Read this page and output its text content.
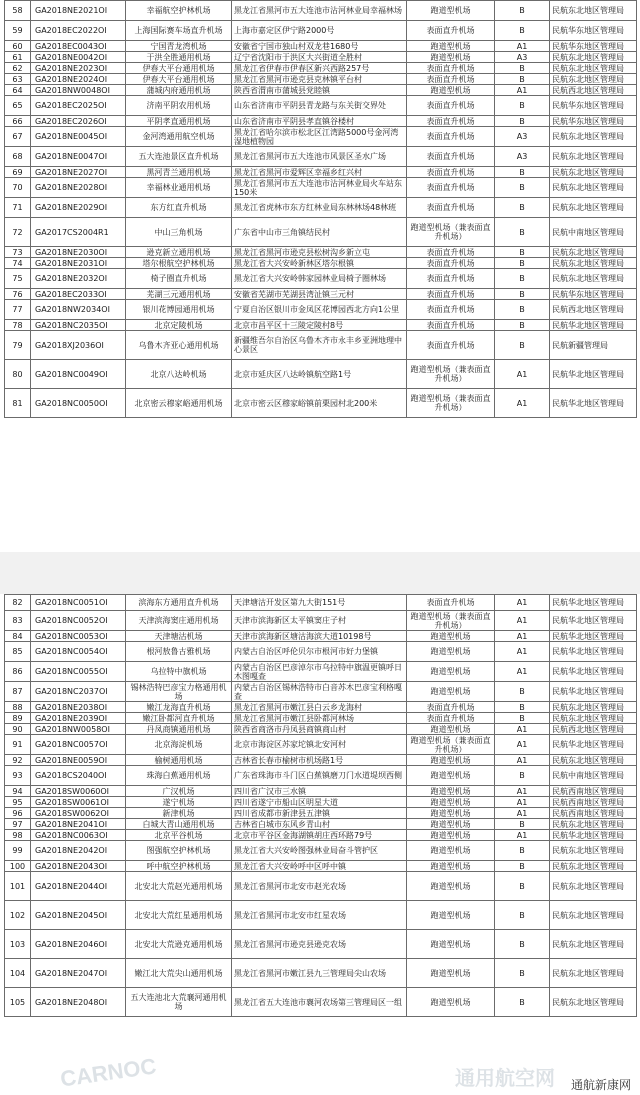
58	GA2018NE2021OI	幸福航空护林机场	黑龙江省黑河市五大连池市沾河林业局幸福林场	跑道型机场	B	民航东北地区管理局
59	GA2018EC2022OI	上海国际赛车场直升机场	上海市嘉定区伊宁路2000号	表面直升机场	B	民航华东地区管理局
60	GA2018EC0043OI	宁国青龙湾机场	安徽省宁国市独山村双龙巷1680号	跑道型机场	A1	民航华东地区管理局
61	GA2018NE0042OI	于洪全胜通用机场	辽宁省沈阳市于洪区大兴街道全胜村	跑道型机场	A3	民航东北地区管理局
62	GA2018NE2023OI	伊春大平台通用机场	黑龙江省伊春市伊春区新兴西路257号	表面直升机场	B	民航东北地区管理局
63	GA2018NE2024OI	伊春大平台通用机场	黑龙江省黑河市逊克县克林镇平台村	表面直升机场	B	民航东北地区管理局
64	GA2018NW0048OI	蒲城内府通用机场	陕西省渭南市蒲城县党睦镇	跑道型机场	A1	民航西北地区管理局
65	GA2018EC2025OI	济南平阴农用机场	山东省济南市平阴县青龙路与东关街交界处	表面直升机场	B	民航华东地区管理局
66	GA2018EC2026OI	平阴孝直通用机场	山东省济南市平阴县孝直镇谷楼村	表面直升机场	B	民航华东地区管理局
67	GA2018NE0045OI	金河湾通用航空机场	黑龙江省哈尔滨市松北区江湾路5000号金河湾湿地植物园	表面直升机场	A3	民航东北地区管理局
68	GA2018NE0047OI	五大连池景区直升机场	黑龙江省黑河市五大连池市风景区圣水广场	表面直升机场	A3	民航东北地区管理局
69	GA2018NE2027OI	黑河青兰通用机场	黑龙江省黑河市爱辉区幸福乡红兴村	表面直升机场	B	民航东北地区管理局
70	GA2018NE2028OI	幸福林业通用机场	黑龙江省黑河市五大连池市沾河林业局火车站东150米	表面直升机场	B	民航东北地区管理局
71	GA2018NE2029OI	东方红直升机场	黑龙江省虎林市东方红林业局东林林场48林班	表面直升机场	B	民航东北地区管理局
72	GA2017CS2004R1	中山三角机场	广东省中山市三角镇结民村	跑道型机场（兼表面直升机场）	B	民航中南地区管理局
73	GA2018NE2030OI	逊克新立通用机场	黑龙江省黑河市逊克县松树沟乡新立屯	表面直升机场	B	民航东北地区管理局
74	GA2018NE2031OI	塔尔根航空护林机场	黑龙江省大兴安岭新林区塔尔根镇	表面直升机场	B	民航东北地区管理局
75	GA2018NE2032OI	椅子圈直升机场	黑龙江省大兴安岭韩家园林业局椅子圈林场	表面直升机场	B	民航东北地区管理局
76	GA2018EC2033OI	芜湖三元通用机场	安徽省芜湖市芜湖县湾沚镇三元村	表面直升机场	B	民航华东地区管理局
77	GA2018NW2034OI	银川花博园通用机场	宁夏自治区银川市金凤区花博园西北方向1公里	表面直升机场	B	民航西北地区管理局
78	GA2018NC2035OI	北京定陵机场	北京市昌平区十三陵定陵村8号	表面直升机场	B	民航华北地区管理局
79	GA2018XJ2036OI	乌鲁木齐亚心通用机场	新疆维吾尔自治区乌鲁木齐市永丰乡亚洲地理中心景区	表面直升机场	B	民航新疆管理局
80	GA2018NC0049OI	北京八达岭机场	北京市延庆区八达岭镇航空路1号	跑道型机场（兼表面直升机场）	A1	民航华北地区管理局
81	GA2018NC0050OI	北京密云穆家峪通用机场	北京市密云区穆家峪镇前栗园村北200米	跑道型机场（兼表面直升机场）	A1	民航华北地区管理局
82	GA2018NC0051OI	滨海东方通用直升机场	天津塘沽开发区第九大街151号	表面直升机场	A1	民航华北地区管理局
83	GA2018NC0052OI	天津滨海窦庄通用机场	天津市滨海新区太平镇窦庄子村	跑道型机场（兼表面直升机场）	A1	民航华北地区管理局
84	GA2018NC0053OI	天津塘沽机场	天津市滨海新区塘沽海滨大道10198号	跑道型机场	A1	民航华北地区管理局
85	GA2018NC0054OI	根河敖鲁古雅机场	内蒙古自治区呼伦贝尔市根河市好力堡镇	跑道型机场	A1	民航华北地区管理局
86	GA2018NC0055OI	乌拉特中旗机场	内蒙古自治区巴彦淖尔市乌拉特中旗温更镇呼日木图嘎查	跑道型机场	A1	民航华北地区管理局
87	GA2018NC2037OI	锡林浩特巴彦宝力格通用机场	内蒙古自治区锡林浩特市白音苏木巴彦宝利格嘎查	跑道型机场	B	民航华北地区管理局
88	GA2018NE2038OI	嫩江龙海直升机场	黑龙江省黑河市嫩江县白云乡龙海村	表面直升机场	B	民航东北地区管理局
89	GA2018NE2039OI	嫩江卧都河直升机场	黑龙江省黑河市嫩江县卧都河林场	表面直升机场	B	民航东北地区管理局
90	GA2018NW0058OI	丹凤商镇通用机场	陕西省商洛市丹凤县商镇商山村	跑道型机场	A1	民航西北地区管理局
91	GA2018NC0057OI	北京海淀机场	北京市海淀区苏家坨镇北安河村	跑道型机场（兼表面直升机场）	A1	民航华北地区管理局
92	GA2018NE0059OI	榆树通用机场	吉林省长春市榆树市机场路1号	跑道型机场	A1	民航东北地区管理局
93	GA2018CS2040OI	珠海白蕉通用机场	广东省珠海市斗门区白蕉镇磨刀门水道堤坝西侧	跑道型机场	B	民航中南地区管理局
94	GA2018SW0060OI	广汉机场	四川省广汉市三水镇	跑道型机场	A1	民航西南地区管理局
95	GA2018SW0061OI	遂宁机场	四川省遂宁市船山区明星大道	跑道型机场	A1	民航西南地区管理局
96	GA2018SW0062OI	新津机场	四川省成都市新津县五津镇	跑道型机场	A1	民航西南地区管理局
97	GA2018NE2041OI	白城大青山通用机场	吉林省白城市东风乡青山村	跑道型机场	B	民航东北地区管理局
98	GA2018NC0063OI	北京平谷机场	北京市平谷区金海湖镇胡庄西环路79号	跑道型机场	A1	民航华北地区管理局
99	GA2018NE2042OI	图强航空护林机场	黑龙江省大兴安岭图强林业局奋斗管护区	跑道型机场	B	民航东北地区管理局
100	GA2018NE2043OI	呼中航空护林机场	黑龙江省大兴安岭呼中区呼中镇	跑道型机场	B	民航东北地区管理局
101	GA2018NE2044OI	北安北大荒赵光通用机场	黑龙江省黑河市北安市赵光农场	跑道型机场	B	民航东北地区管理局
102	GA2018NE2045OI	北安北大荒红星通用机场	黑龙江省黑河市北安市红星农场	跑道型机场	B	民航东北地区管理局
103	GA2018NE2046OI	北安北大荒逊克通用机场	黑龙江省黑河市逊克县逊克农场	跑道型机场	B	民航东北地区管理局
104	GA2018NE2047OI	嫩江北大荒尖山通用机场	黑龙江省黑河市嫩江县九三管理局尖山农场	跑道型机场	B	民航东北地区管理局
105	GA2018NE2048OI	五大连池北大荒襄河通用机场	黑龙江省五大连池市襄河农场第三管理局区一组	跑道型机场	B	民航东北地区管理局
CARNOC	通用航空网 通航新康网
